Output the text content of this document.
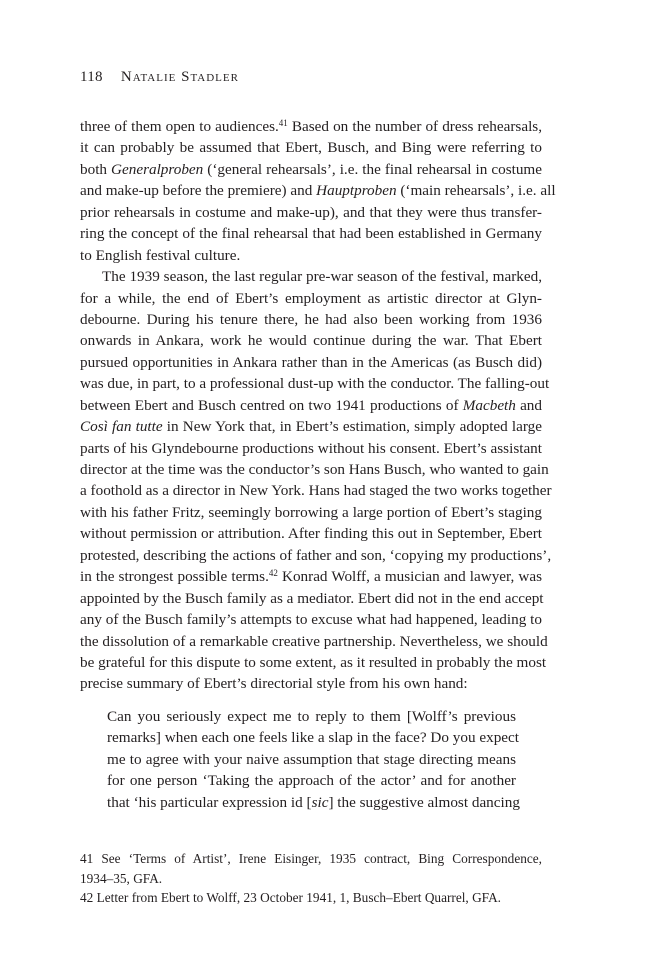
118 Natalie Stadler
three of them open to audiences.$^{41}$ Based on the number of dress rehearsals,
it can probably be assumed that Ebert, Busch, and Bing were referring to
both Generalproben (‘general rehearsals’, i.e. the final rehearsal in costume
and make-up before the premiere) and Hauptproben (‘main rehearsals’, i.e. all
prior rehearsals in costume and make-up), and that they were thus transfer-
ring the concept of the final rehearsal that had been established in Germany
to English festival culture.
The 1939 season, the last regular pre-war season of the festival, marked,
for a while, the end of Ebert’s employment as artistic director at Glyn-
debourne. During his tenure there, he had also been working from 1936
onwards in Ankara, work he would continue during the war. That Ebert
pursued opportunities in Ankara rather than in the Americas (as Busch did)
was due, in part, to a professional dust-up with the conductor. The falling-out
between Ebert and Busch centred on two 1941 productions of Macbeth and
Così fan tutte in New York that, in Ebert’s estimation, simply adopted large
parts of his Glyndebourne productions without his consent. Ebert’s assistant
director at the time was the conductor’s son Hans Busch, who wanted to gain
a foothold as a director in New York. Hans had staged the two works together
with his father Fritz, seemingly borrowing a large portion of Ebert’s staging
without permission or attribution. After finding this out in September, Ebert
protested, describing the actions of father and son, ‘copying my productions’,
in the strongest possible terms.$^{42}$ Konrad Wolff, a musician and lawyer, was
appointed by the Busch family as a mediator. Ebert did not in the end accept
any of the Busch family’s attempts to excuse what had happened, leading to
the dissolution of a remarkable creative partnership. Nevertheless, we should
be grateful for this dispute to some extent, as it resulted in probably the most
precise summary of Ebert’s directorial style from his own hand:
Can you seriously expect me to reply to them [Wolff’s previous
remarks] when each one feels like a slap in the face? Do you expect
me to agree with your naive assumption that stage directing means
for one person ‘Taking the approach of the actor’ and for another
that ‘his particular expression id [sic] the suggestive almost dancing
41 See ‘Terms of Artist’, Irene Eisinger, 1935 contract, Bing Correspondence,
1934–35, GFA.
42 Letter from Ebert to Wolff, 23 October 1941, 1, Busch–Ebert Quarrel, GFA.
